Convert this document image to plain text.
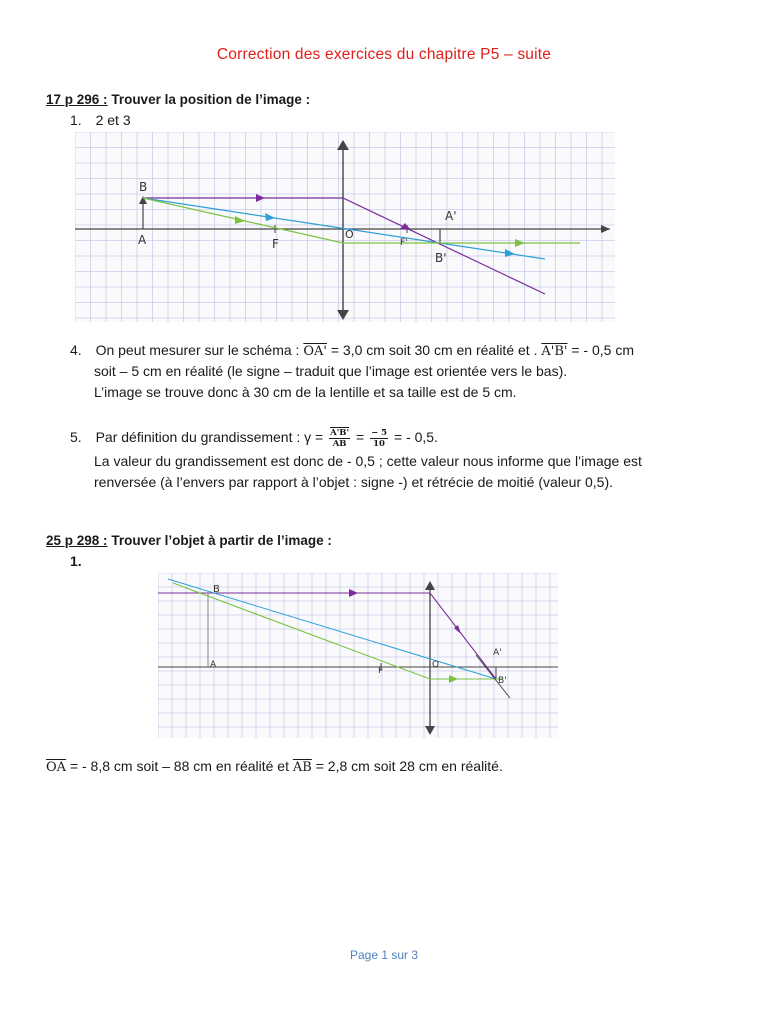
Correction des exercices du chapitre P5 – suite
17 p 296 : Trouver la position de l’image :
1. 2 et 3
B
A	F
O
F'
A'
B'
4. On peut mesurer sur le schéma : OA' = 3,0 cm soit 30 cm en réalité et . A'B' = - 0,5 cm
soit – 5 cm en réalité (le signe – traduit que l’image est orientée vers le bas).
L’image se trouve donc à 30 cm de la lentille et sa taille est de 5 cm.
5. Par définition du grandissement : $\gamma = \frac{A'B'}{AB} = \frac{- 5}{10}$ = - 0,5.
La valeur du grandissement est donc de - 0,5 ; cette valeur nous informe que l’image est
renversée (à l’envers par rapport à l’objet : signe -) et rétrécie de moitié (valeur 0,5).
25 p 298 : Trouver l’objet à partir de l’image :
1.
B
A
F
O
A'
B'
$\overline{OA}$ = - 8,8 cm soit – 88 cm en réalité et $\overline{AB} = 2,8$ cm soit 28 cm en réalité.
Page 1 sur 3
